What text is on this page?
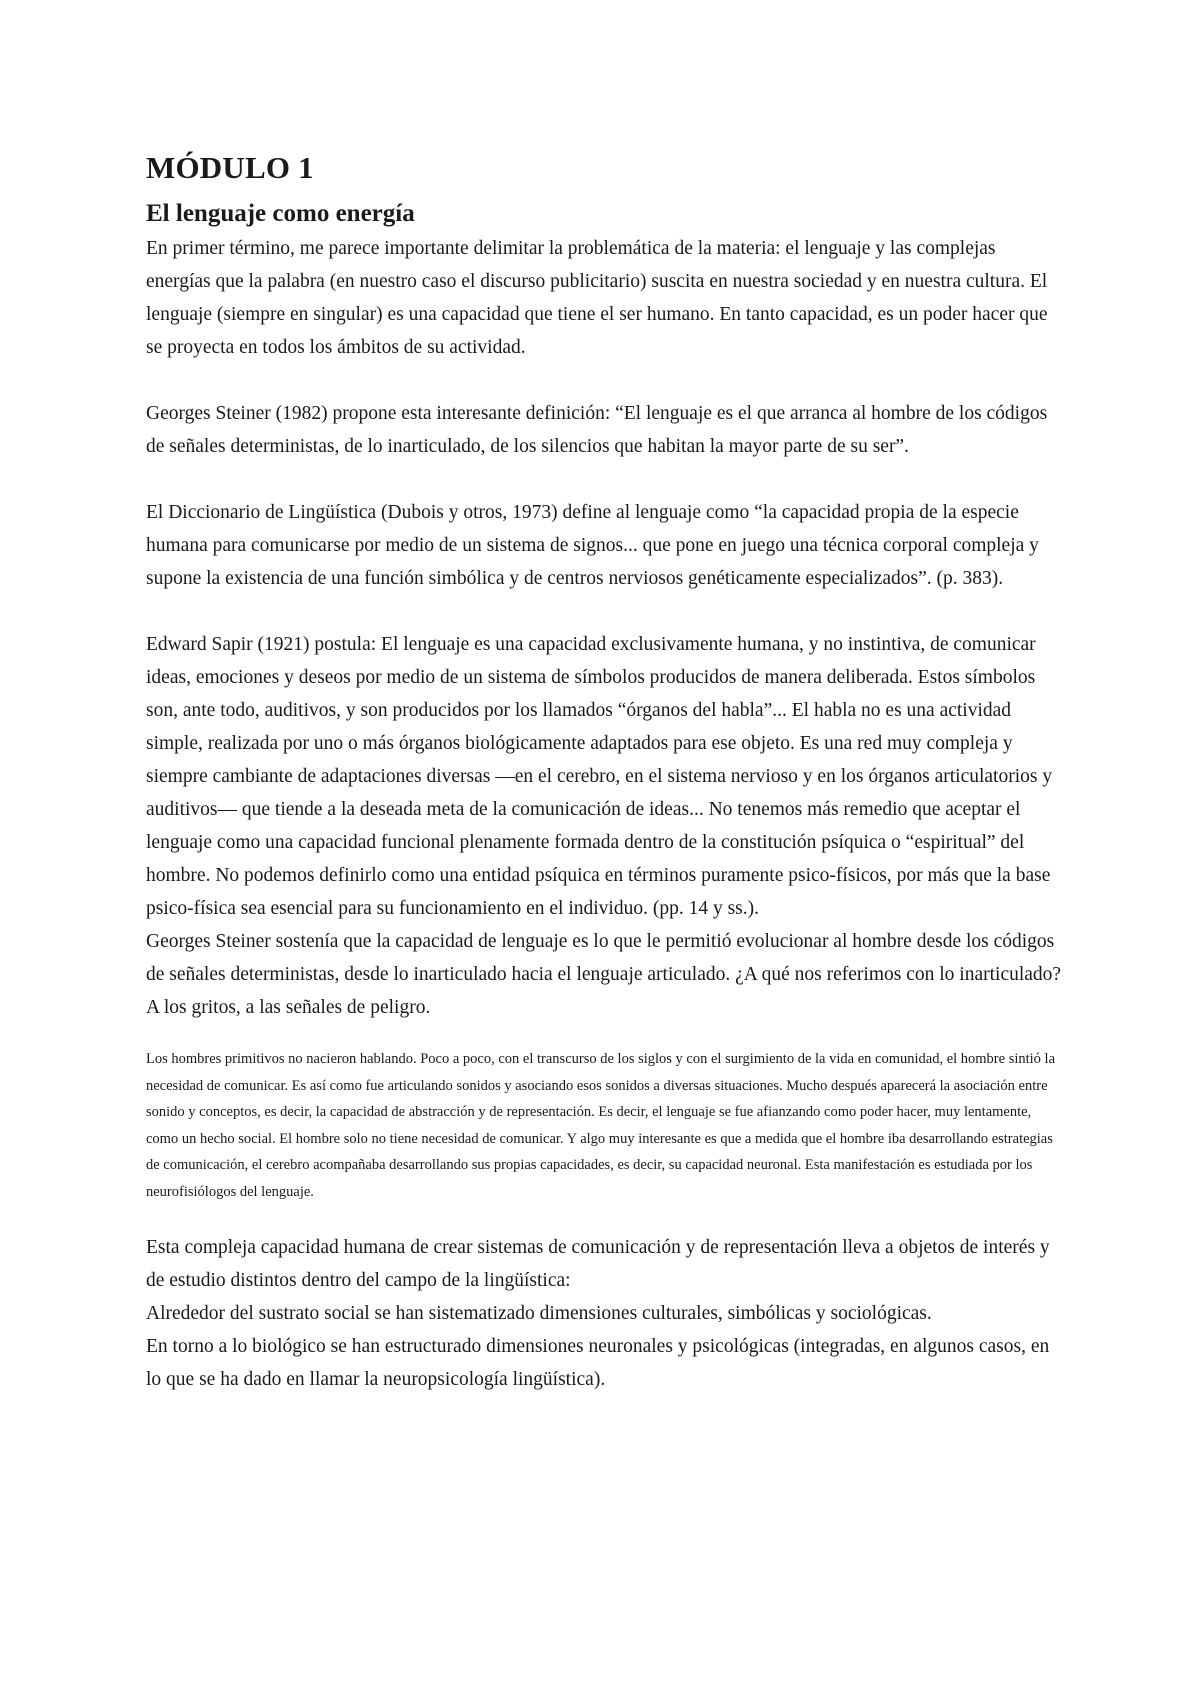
MÓDULO 1
El lenguaje como energía

En primer término, me parece importante delimitar la problemática de la materia: el lenguaje y las complejas energías que la palabra (en nuestro caso el discurso publicitario) suscita en nuestra sociedad y en nuestra cultura. El lenguaje (siempre en singular) es una capacidad que tiene el ser humano. En tanto capacidad, es un poder hacer que se proyecta en todos los ámbitos de su actividad.

Georges Steiner (1982) propone esta interesante definición: “El lenguaje es el que arranca al hombre de los códigos de señales deterministas, de lo inarticulado, de los silencios que habitan la mayor parte de su ser”.

El Diccionario de Lingüística (Dubois y otros, 1973) define al lenguaje como “la capacidad propia de la especie humana para comunicarse por medio de un sistema de signos... que pone en juego una técnica corporal compleja y supone la existencia de una función simbólica y de centros nerviosos genéticamente especializados”. (p. 383).

Edward Sapir (1921) postula: El lenguaje es una capacidad exclusivamente humana, y no instintiva, de comunicar ideas, emociones y deseos por medio de un sistema de símbolos producidos de manera deliberada. Estos símbolos son, ante todo, auditivos, y son producidos por los llamados “órganos del habla”... El habla no es una actividad simple, realizada por uno o más órganos biológicamente adaptados para ese objeto. Es una red muy compleja y siempre cambiante de adaptaciones diversas —en el cerebro, en el sistema nervioso y en los órganos articulatorios y auditivos— que tiende a la deseada meta de la comunicación de ideas... No tenemos más remedio que aceptar el lenguaje como una capacidad funcional plenamente formada dentro de la constitución psíquica o “espiritual” del hombre. No podemos definirlo como una entidad psíquica en términos puramente psico-físicos, por más que la base psico-física sea esencial para su funcionamiento en el individuo. (pp. 14 y ss.).

Georges Steiner sostenía que la capacidad de lenguaje es lo que le permitió evolucionar al hombre desde los códigos de señales deterministas, desde lo inarticulado hacia el lenguaje articulado. ¿A qué nos referimos con lo inarticulado? A los gritos, a las señales de peligro.

Los hombres primitivos no nacieron hablando. Poco a poco, con el transcurso de los siglos y con el surgimiento de la vida en comunidad, el hombre sintió la necesidad de comunicar. Es así como fue articulando sonidos y asociando esos sonidos a diversas situaciones. Mucho después aparecerá la asociación entre sonido y conceptos, es decir, la capacidad de abstracción y de representación. Es decir, el lenguaje se fue afianzando como poder hacer, muy lentamente, como un hecho social. El hombre solo no tiene necesidad de comunicar. Y algo muy interesante es que a medida que el hombre iba desarrollando estrategias de comunicación, el cerebro acompañaba desarrollando sus propias capacidades, es decir, su capacidad neuronal. Esta manifestación es estudiada por los neurofisiólogos del lenguaje.

Esta compleja capacidad humana de crear sistemas de comunicación y de representación lleva a objetos de interés y de estudio distintos dentro del campo de la lingüística:

Alrededor del sustrato social se han sistematizado dimensiones culturales, simbólicas y sociológicas.

En torno a lo biológico se han estructurado dimensiones neuronales y psicológicas (integradas, en algunos casos, en lo que se ha dado en llamar la neuropsicología lingüística).
